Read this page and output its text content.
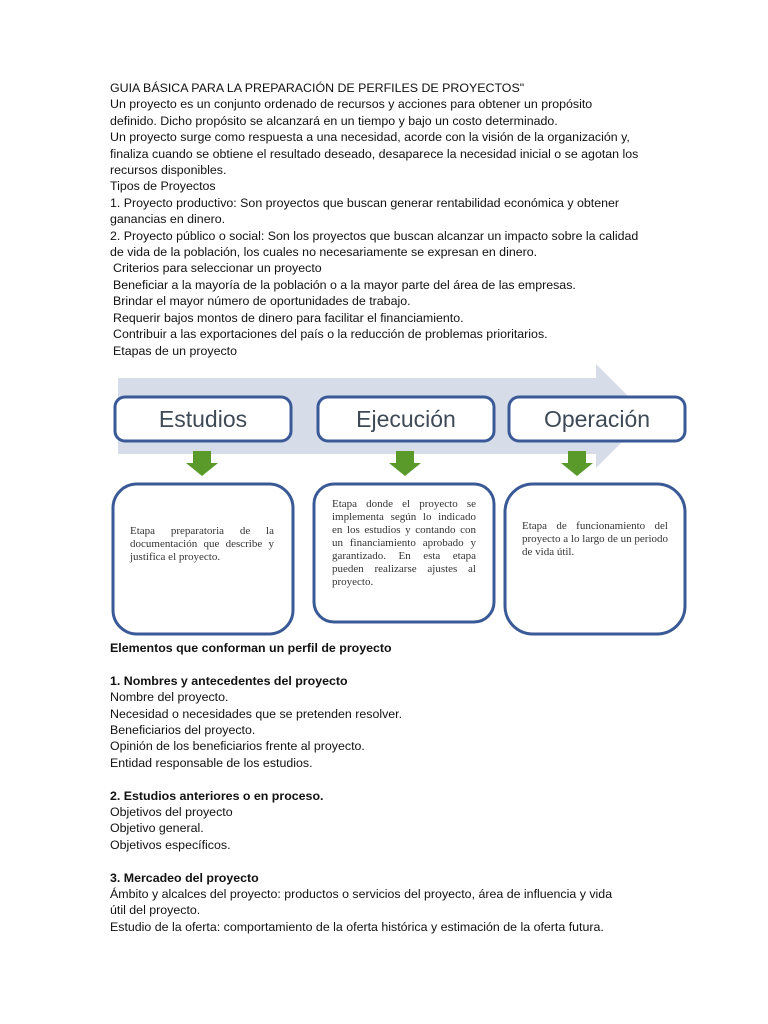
GUIA BÁSICA PARA LA PREPARACIÓN DE PERFILES DE PROYECTOS"

Un proyecto es un conjunto ordenado de recursos y acciones para obtener un propósito

definido. Dicho propósito se alcanzará en un tiempo y bajo un costo determinado.

Un proyecto surge como respuesta a una necesidad, acorde con la visión de la organización y,

finaliza cuando se obtiene el resultado deseado, desaparece la necesidad inicial o se agotan los

recursos disponibles.

Tipos de Proyectos

1. Proyecto productivo: Son proyectos que buscan generar rentabilidad económica y obtener

ganancias en dinero.

2. Proyecto público o social: Son los proyectos que buscan alcanzar un impacto sobre la calidad

de vida de la población, los cuales no necesariamente se expresan en dinero.

Criterios para seleccionar un proyecto

Beneficiar a la mayoría de la población o a la mayor parte del área de las empresas.

Brindar el mayor número de oportunidades de trabajo.

Requerir bajos montos de dinero para facilitar el financiamiento.

Contribuir a las exportaciones del país o la reducción de problemas prioritarios.

Etapas de un proyecto

Estudios	Ejecución	Operación
Etapa preparatoria de la documentación que describe y justifica el proyecto.
Etapa donde el proyecto se implementa según lo indicado en los estudios y contando con un financiamiento aprobado y garantizado. En esta etapa pueden realizarse ajustes al proyecto.
Etapa de funcionamiento del proyecto a lo largo de un periodo de vida útil.

Elementos que conforman un perfil de proyecto

1. Nombres y antecedentes del proyecto

Nombre del proyecto.

Necesidad o necesidades que se pretenden resolver.

Beneficiarios del proyecto.

Opinión de los beneficiarios frente al proyecto.

Entidad responsable de los estudios.

2. Estudios anteriores o en proceso.

Objetivos del proyecto

Objetivo general.

Objetivos específicos.

3. Mercadeo del proyecto

Ámbito y alcalces del proyecto: productos o servicios del proyecto, área de influencia y vida

útil del proyecto.

Estudio de la oferta: comportamiento de la oferta histórica y estimación de la oferta futura.
